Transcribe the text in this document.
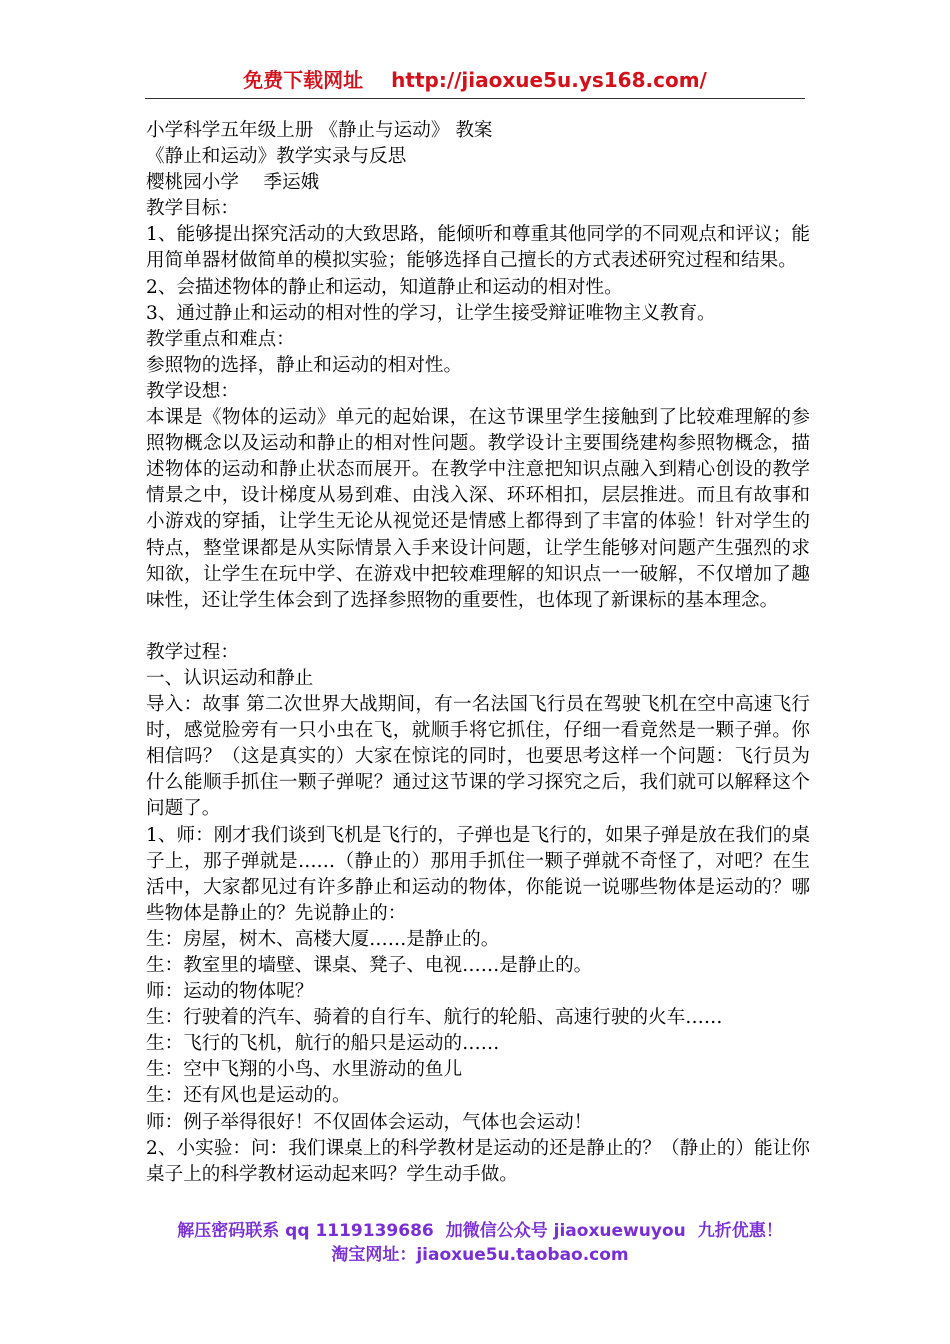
免费下载网址 http://jiaoxue5u.ys168.com/

小学科学五年级上册 《静止与运动》 教案

《静止和运动》教学实录与反思

樱桃园小学　 季运娥

教学目标：

1、能够提出探究活动的大致思路，能倾听和尊重其他同学的不同观点和评议；能用简单器材做简单的模拟实验；能够选择自己擅长的方式表述研究过程和结果。

2、会描述物体的静止和运动，知道静止和运动的相对性。

3、通过静止和运动的相对性的学习，让学生接受辩证唯物主义教育。

教学重点和难点：

参照物的选择，静止和运动的相对性。

教学设想：

本课是《物体的运动》单元的起始课，在这节课里学生接触到了比较难理解的参照物概念以及运动和静止的相对性问题。教学设计主要围绕建构参照物概念，描述物体的运动和静止状态而展开。在教学中注意把知识点融入到精心创设的教学情景之中，设计梯度从易到难、由浅入深、环环相扣，层层推进。而且有故事和小游戏的穿插，让学生无论从视觉还是情感上都得到了丰富的体验！针对学生的特点，整堂课都是从实际情景入手来设计问题，让学生能够对问题产生强烈的求知欲，让学生在玩中学、在游戏中把较难理解的知识点一一破解，不仅增加了趣味性，还让学生体会到了选择参照物的重要性，也体现了新课标的基本理念。

教学过程：

一、认识运动和静止

导入：故事 第二次世界大战期间，有一名法国飞行员在驾驶飞机在空中高速飞行时，感觉脸旁有一只小虫在飞，就顺手将它抓住，仔细一看竟然是一颗子弹。你相信吗？（这是真实的）大家在惊诧的同时，也要思考这样一个问题：飞行员为什么能顺手抓住一颗子弹呢？通过这节课的学习探究之后，我们就可以解释这个问题了。

1、师：刚才我们谈到飞机是飞行的，子弹也是飞行的，如果子弹是放在我们的桌子上，那子弹就是……（静止的）那用手抓住一颗子弹就不奇怪了，对吧？在生活中，大家都见过有许多静止和运动的物体，你能说一说哪些物体是运动的？哪些物体是静止的？先说静止的：

生：房屋，树木、高楼大厦……是静止的。

生：教室里的墙壁、课桌、凳子、电视……是静止的。

师：运动的物体呢？

生：行驶着的汽车、骑着的自行车、航行的轮船、高速行驶的火车……

生：飞行的飞机，航行的船只是运动的……

生：空中飞翔的小鸟、水里游动的鱼儿

生：还有风也是运动的。

师：例子举得很好！不仅固体会运动，气体也会运动！

2、小实验：问：我们课桌上的科学教材是运动的还是静止的？（静止的）能让你桌子上的科学教材运动起来吗？学生动手做。

解压密码联系 qq 1119139686 加微信公众号 jiaoxuewuyou 九折优惠！
淘宝网址：jiaoxue5u.taobao.com
